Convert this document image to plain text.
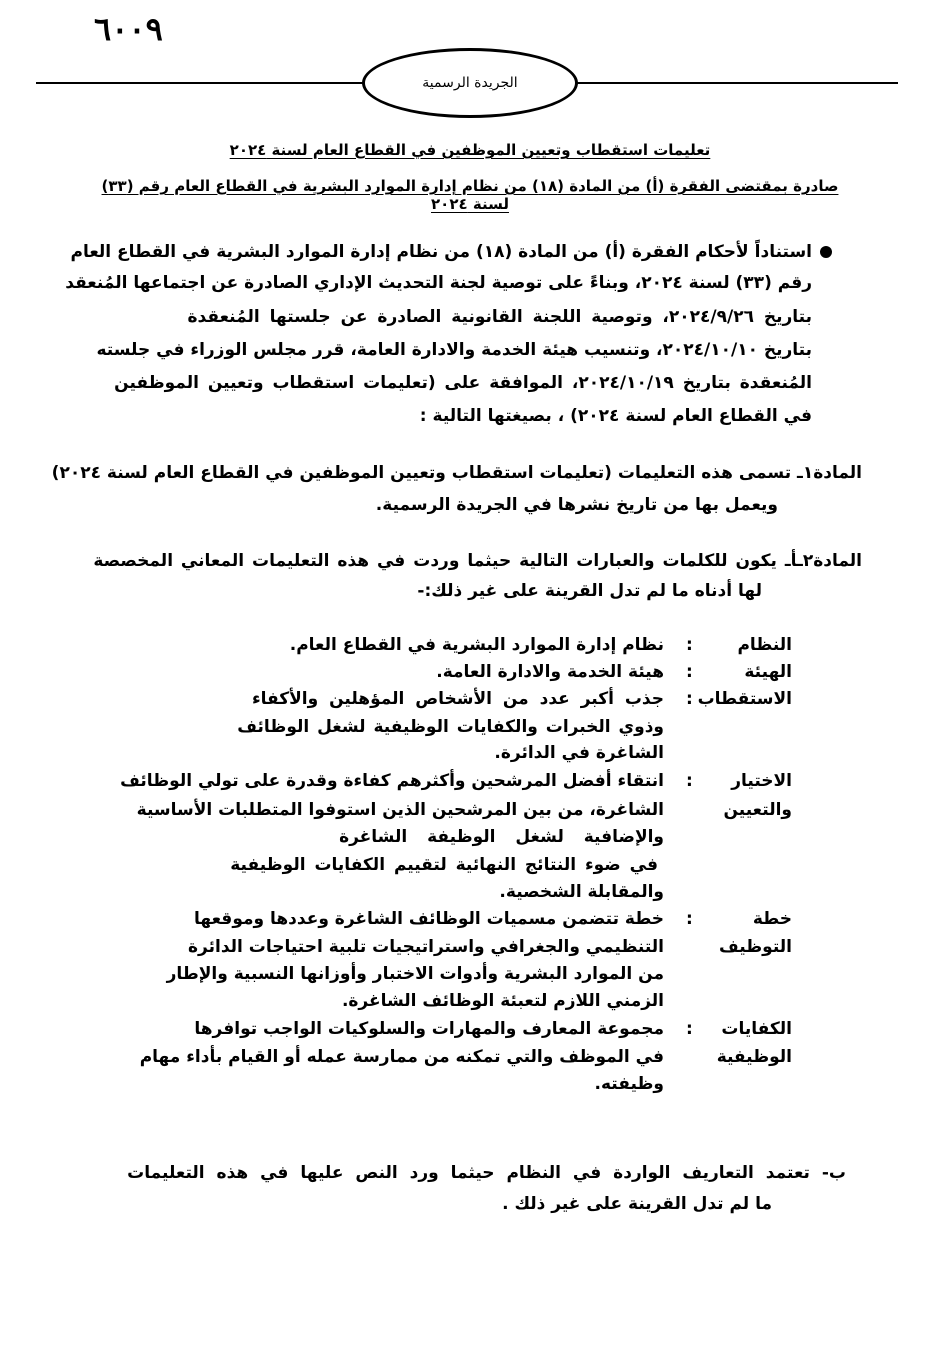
٦٠٠٩
الجريدة الرسمية
تعليمات استقطاب وتعيين الموظفين في القطاع العام لسنة ٢٠٢٤
صادرة بمقتضى الفقرة (أ) من المادة (١٨) من نظام إدارة الموارد البشرية في القطاع العام رقم (٣٣) لسنة ٢٠٢٤
استناداً لأحكام الفقرة (أ) من المادة (١٨) من نظام إدارة الموارد البشرية في القطاع العام
رقم (٣٣) لسنة ٢٠٢٤، وبناءً على توصية لجنة التحديث الإداري الصادرة عن اجتماعها المُنعقد
بتاريخ ٢٠٢٤/٩/٢٦، وتوصية اللجنة القانونية الصادرة عن جلستها المُنعقدة
بتاريخ ٢٠٢٤/١٠/١٠، وتنسيب هيئة الخدمة والادارة العامة، قرر مجلس الوزراء في جلسته
المُنعقدة بتاريخ ٢٠٢٤/١٠/١٩، الموافقة على (تعليمات استقطاب وتعيين الموظفين
في القطاع العام لسنة ٢٠٢٤) ، بصيغتها التالية :
المادة١ـ تسمى هذه التعليمات (تعليمات استقطاب وتعيين الموظفين في القطاع العام لسنة ٢٠٢٤)
ويعمل بها من تاريخ نشرها في الجريدة الرسمية.
المادة٢ـأـ يكون للكلمات والعبارات التالية حيثما وردت في هذه التعليمات المعاني المخصصة
لها أدناه ما لم تدل القرينة على غير ذلك:-
النظام
الهيئة
الاستقطاب
الاختيار
والتعيين
خطة
التوظيف
الكفايات
الوظيفية
:
:
:
:
:
:
نظام إدارة الموارد البشرية في القطاع العام.
هيئة الخدمة والادارة العامة.
جذب أكبر عدد من الأشخاص المؤهلين والأكفاء
وذوي الخبرات والكفايات الوظيفية لشغل الوظائف
الشاغرة في الدائرة.
انتقاء أفضل المرشحين وأكثرهم كفاءة وقدرة على تولي الوظائف
الشاغرة، من بين المرشحين الذين استوفوا المتطلبات الأساسية
والإضافية لشغل الوظيفة الشاغرة
في ضوء النتائج النهائية لتقييم الكفايات الوظيفية
والمقابلة الشخصية.
خطة تتضمن مسميات الوظائف الشاغرة وعددها وموقعها
التنظيمي والجغرافي واستراتيجيات تلبية احتياجات الدائرة
من الموارد البشرية وأدوات الاختبار وأوزانها النسبية والإطار
الزمني اللازم لتعبئة الوظائف الشاغرة.
مجموعة المعارف والمهارات والسلوكيات الواجب توافرها
في الموظف والتي تمكنه من ممارسة عمله أو القيام بأداء مهام
وظيفته.
ب- تعتمد التعاريف الواردة في النظام حيثما ورد النص عليها في هذه التعليمات
ما لم تدل القرينة على غير ذلك .
